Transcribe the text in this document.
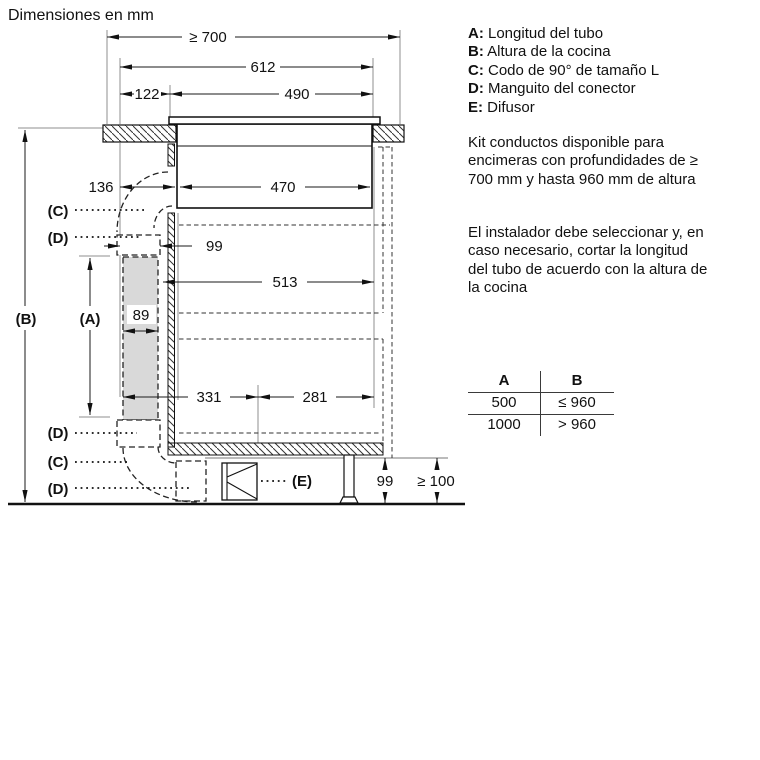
Dimensiones en mm
≥ 700
612
122	490
136	470
99
513
89
331	281
99 ≥ 100
(B)	(A)
(C)
(D)
(D)
(C)
(D)	(E)
A: Longitud del tubo
B: Altura de la cocina
C: Codo de 90° de tamaño L
D: Manguito del conector
E: Difusor
Kit conductos disponible para
encimeras con profundidades de ≥
700 mm y hasta 960 mm de altura
El instalador debe seleccionar y, en
caso necesario, cortar la longitud
del tubo de acuerdo con la altura de
la cocina
A	B
500	≤ 960
1000	> 960
